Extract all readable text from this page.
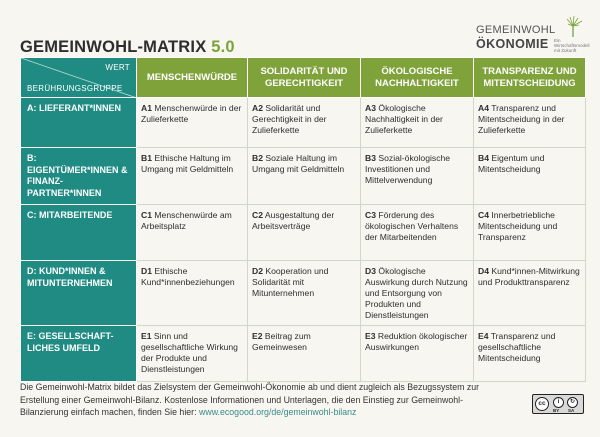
GEMEINWOHL-MATRIX 5.0
GEMEINWOHL
ÖKONOMIE Ein Wirtschaftsmodell mit Zukunft
WERT
BERÜHRUNGSGRUPPE	MENSCHENWÜRDE	SOLIDARITÄT UND GERECHTIGKEIT	ÖKOLOGISCHE NACHHALTIGKEIT	TRANSPARENZ UND MITENTSCHEIDUNG
A: LIEFERANT*INNEN	A1 Menschenwürde in der Zulieferkette	A2 Solidarität und Gerechtigkeit in der Zulieferkette	A3 Ökologische Nachhaltigkeit in der Zulieferkette	A4 Transparenz und Mitentscheidung in der Zulieferkette
B: EIGENTÜMER*INNEN & FINANZ-PARTNER*INNEN	B1 Ethische Haltung im Umgang mit Geldmitteln	B2 Soziale Haltung im Umgang mit Geldmitteln	B3 Sozial-ökologische Investitionen und Mittelverwendung	B4 Eigentum und Mitentscheidung
C: MITARBEITENDE	C1 Menschenwürde am Arbeitsplatz	C2 Ausgestaltung der Arbeitsverträge	C3 Förderung des ökologischen Verhaltens der Mitarbeitenden	C4 Innerbetriebliche Mitentscheidung und Transparenz
D: KUND*INNEN & MITUNTERNEHMEN	D1 Ethische Kund*innenbeziehungen	D2 Kooperation und Solidarität mit Mitunternehmen	D3 Ökologische Auswirkung durch Nutzung und Entsorgung von Produkten und Dienstleistungen	D4 Kund*innen-Mitwirkung und Produkttransparenz
E: GESELLSCHAFT-LICHES UMFELD	E1 Sinn und gesellschaftliche Wirkung der Produkte und Dienstleistungen	E2 Beitrag zum Gemeinwesen	E3 Reduktion ökologischer Auswirkungen	E4 Transparenz und gesellschaftliche Mitentscheidung

Die Gemeinwohl-Matrix bildet das Zielsystem der Gemeinwohl-Ökonomie ab und dient zugleich als Bezugssystem zur Erstellung einer Gemeinwohl-Bilanz. Kostenlose Informationen und Unterlagen, die den Einstieg zur Gemeinwohl-Bilanzierung einfach machen, finden Sie hier: www.ecogood.org/de/gemeinwohl-bilanz

cc	i	↻
BY SA
